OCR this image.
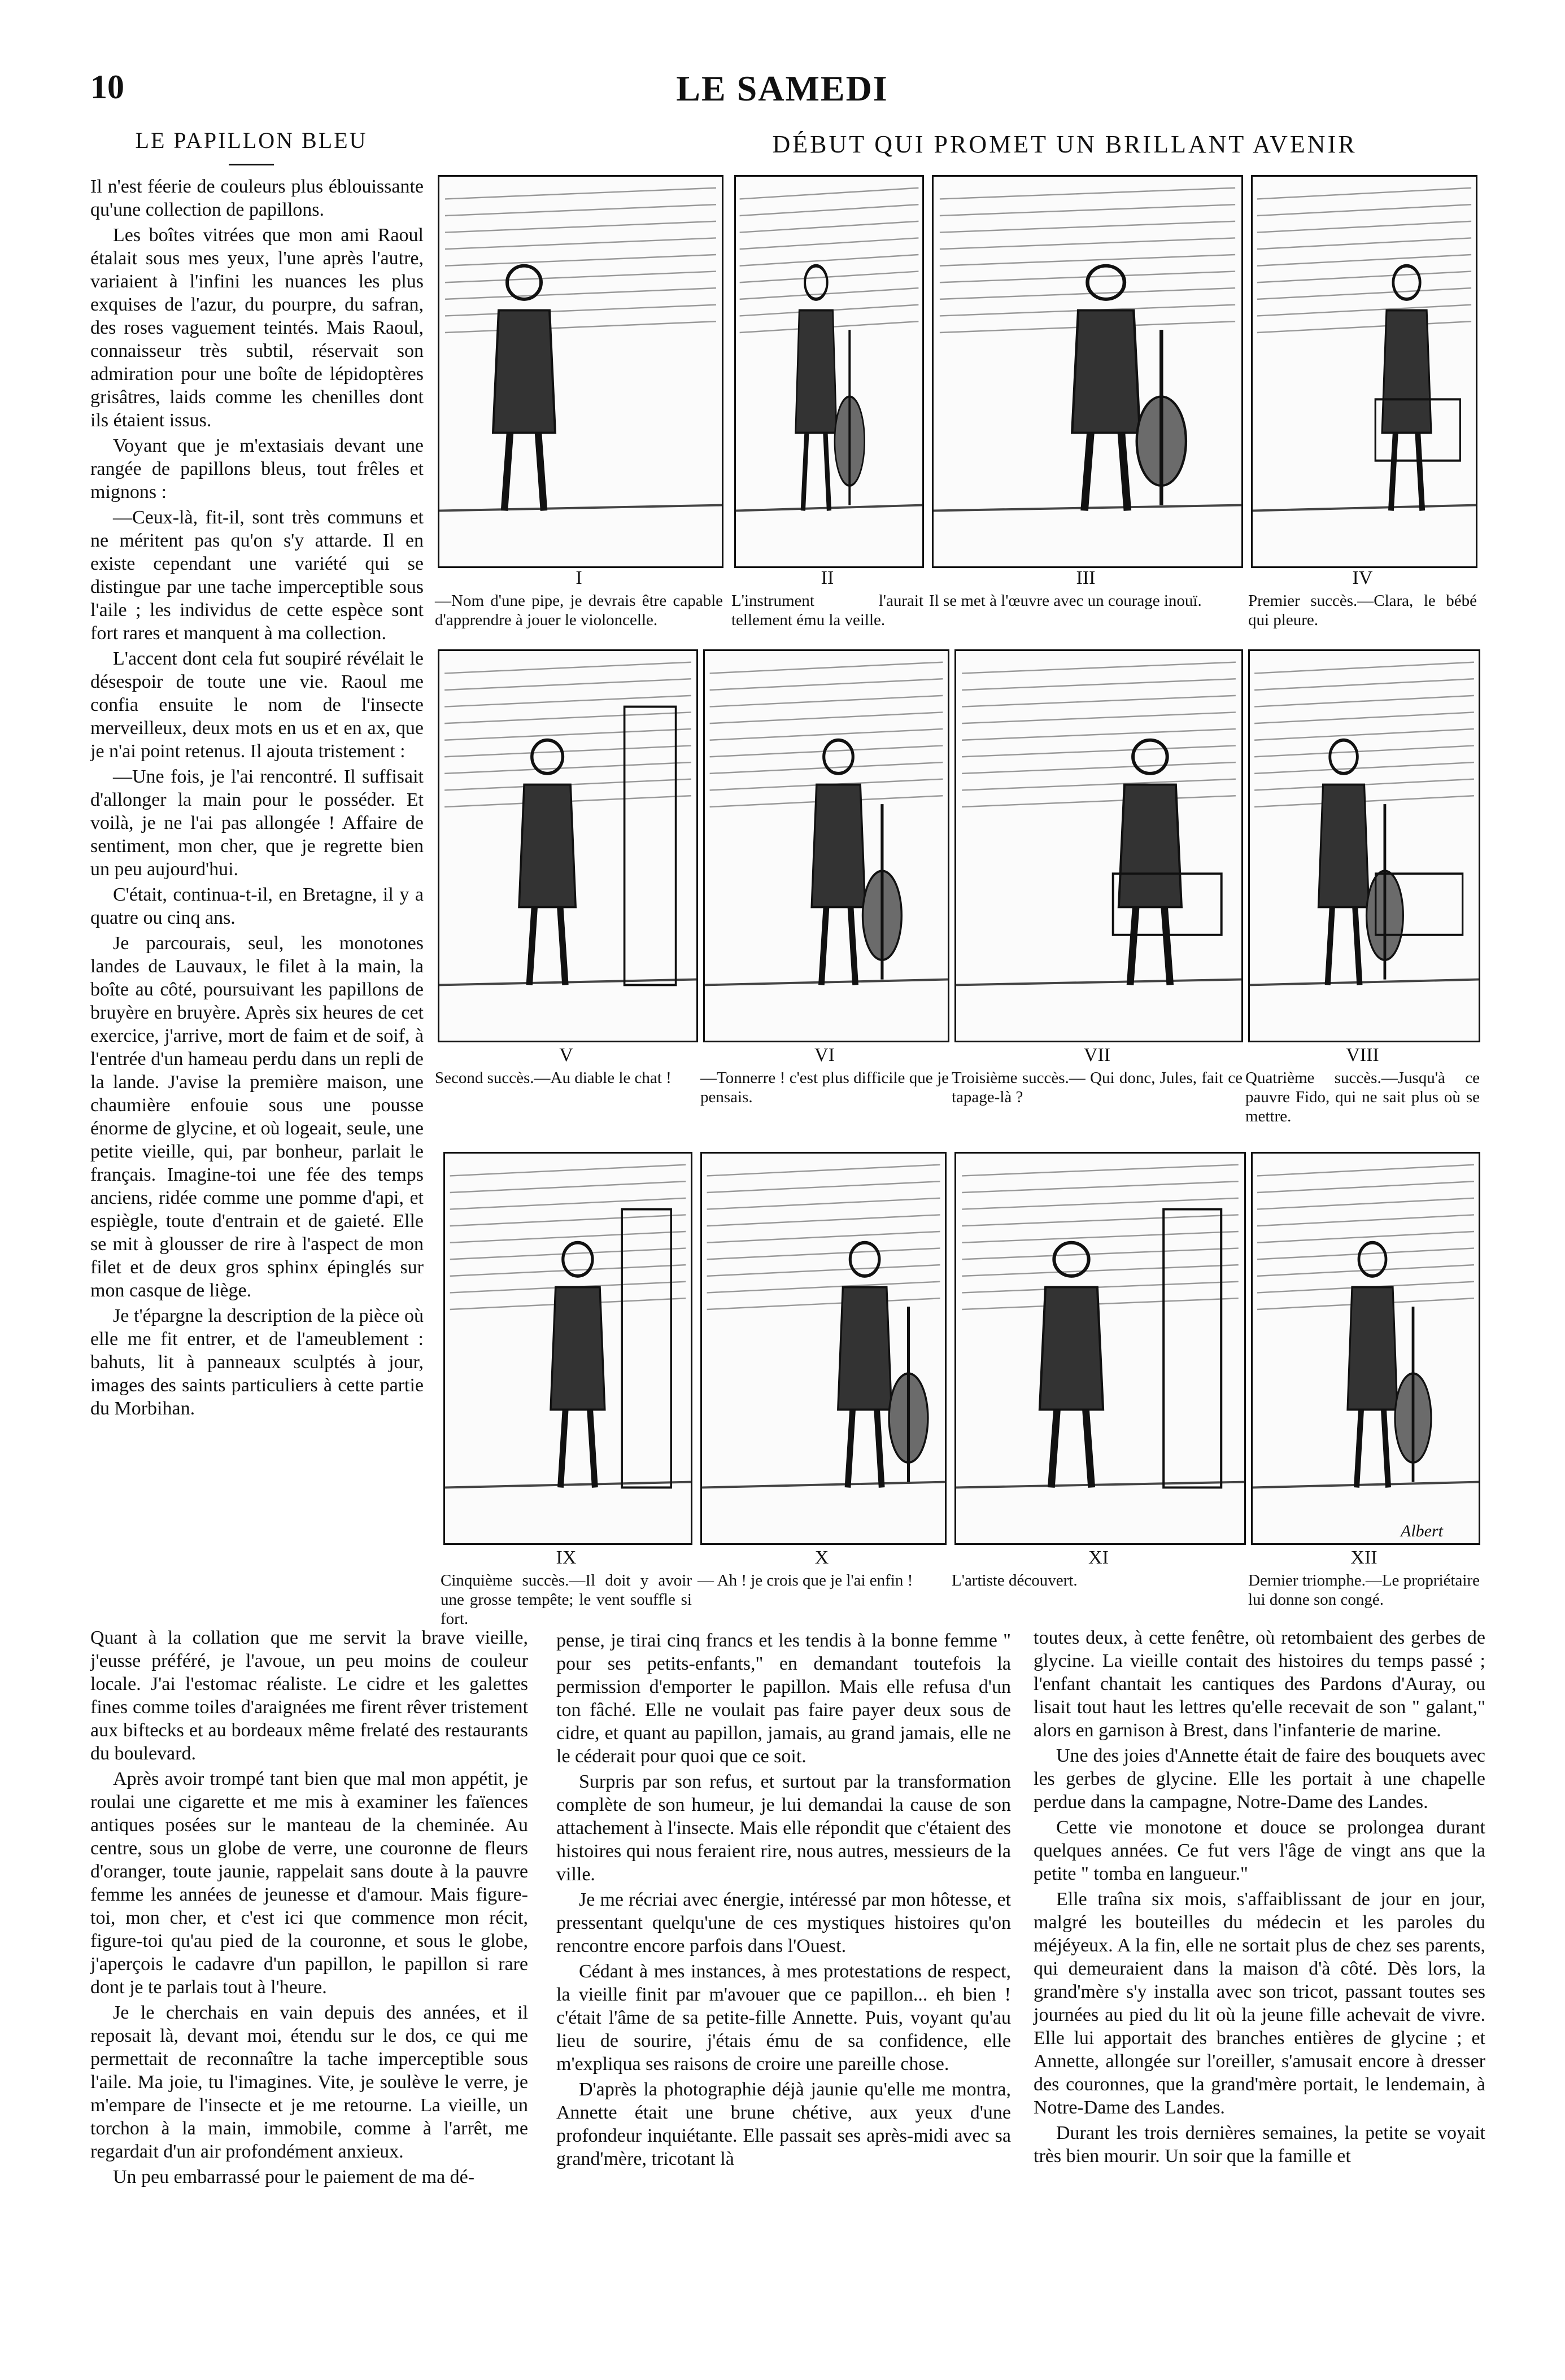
10	LE SAMEDI
LE PAPILLON BLEU	DÉBUT QUI PROMET UN BRILLANT AVENIR

Il n'est féerie de couleurs plus éblouissante qu'une collection de papillons.

Les boîtes vitrées que mon ami Raoul étalait sous mes yeux, l'une après l'autre, variaient à l'infini les nuances les plus exquises de l'azur, du pourpre, du safran, des roses vaguement teintés. Mais Raoul, connaisseur très subtil, réservait son admiration pour une boîte de lépidoptères grisâtres, laids comme les chenilles dont ils étaient issus.

Voyant que je m'extasiais devant une rangée de papillons bleus, tout frêles et mignons :

—Ceux-là, fit-il, sont très communs et ne méritent pas qu'on s'y attarde. Il en existe cependant une variété qui se distingue par une tache imperceptible sous l'aile ; les individus de cette espèce sont fort rares et manquent à ma collection.

L'accent dont cela fut soupiré révélait le désespoir de toute une vie. Raoul me confia ensuite le nom de l'insecte merveilleux, deux mots en us et en ax, que je n'ai point retenus. Il ajouta tristement :

—Une fois, je l'ai rencontré. Il suffisait d'allonger la main pour le posséder. Et voilà, je ne l'ai pas allongée ! Affaire de sentiment, mon cher, que je regrette bien un peu aujourd'hui.

C'était, continua-t-il, en Bretagne, il y a quatre ou cinq ans.

Je parcourais, seul, les monotones landes de Lauvaux, le filet à la main, la boîte au côté, poursuivant les papillons de bruyère en bruyère. Après six heures de cet exercice, j'arrive, mort de faim et de soif, à l'entrée d'un hameau perdu dans un repli de la lande. J'avise la première maison, une chaumière enfouie sous une pousse énorme de glycine, et où logeait, seule, une petite vieille, qui, par bonheur, parlait le français. Imagine-toi une fée des temps anciens, ridée comme une pomme d'api, et espiègle, toute d'entrain et de gaieté. Elle se mit à glousser de rire à l'aspect de mon filet et de deux gros sphinx épinglés sur mon casque de liège.

Je t'épargne la description de la pièce où elle me fit entrer, et de l'ameublement : bahuts, lit à panneaux sculptés à jour, images des saints particuliers à cette partie du Morbihan.

I
—Nom d'une pipe, je devrais être capable d'apprendre à jouer le violoncelle.
II
L'instrument l'aurait tellement ému la veille.
III
Il se met à l'œuvre avec un courage inouï.
IV
Premier succès.—Clara, le bébé qui pleure.
V
Second succès.—Au diable le chat !
VI
—Tonnerre ! c'est plus difficile que je pensais.
VII
Troisième succès.— Qui donc, Jules, fait ce tapage-là ?
VIII
Quatrième succès.—Jusqu'à ce pauvre Fido, qui ne sait plus où se mettre.
IX
Cinquième succès.—Il doit y avoir une grosse tempête; le vent souffle si fort.
X
— Ah ! je crois que je l'ai enfin !
XI
L'artiste découvert.
XII
Dernier triomphe.—Le propriétaire lui donne son congé.
Albert

Quant à la collation que me servit la brave vieille, j'eusse préféré, je l'avoue, un peu moins de couleur locale. J'ai l'estomac réaliste. Le cidre et les galettes fines comme toiles d'araignées me firent rêver tristement aux biftecks et au bordeaux même frelaté des restaurants du boulevard.

Après avoir trompé tant bien que mal mon appétit, je roulai une cigarette et me mis à examiner les faïences antiques posées sur le manteau de la cheminée. Au centre, sous un globe de verre, une couronne de fleurs d'oranger, toute jaunie, rappelait sans doute à la pauvre femme les années de jeunesse et d'amour. Mais figure-toi, mon cher, et c'est ici que commence mon récit, figure-toi qu'au pied de la couronne, et sous le globe, j'aperçois le cadavre d'un papillon, le papillon si rare dont je te parlais tout à l'heure.

Je le cherchais en vain depuis des années, et il reposait là, devant moi, étendu sur le dos, ce qui me permettait de reconnaître la tache imperceptible sous l'aile. Ma joie, tu l'imagines. Vite, je soulève le verre, je m'empare de l'insecte et je me retourne. La vieille, un torchon à la main, immobile, comme à l'arrêt, me regardait d'un air profondément anxieux.

Un peu embarrassé pour le paiement de ma dé-

pense, je tirai cinq francs et les tendis à la bonne femme " pour ses petits-enfants," en demandant toutefois la permission d'emporter le papillon. Mais elle refusa d'un ton fâché. Elle ne voulait pas faire payer deux sous de cidre, et quant au papillon, jamais, au grand jamais, elle ne le céderait pour quoi que ce soit.

Surpris par son refus, et surtout par la transformation complète de son humeur, je lui demandai la cause de son attachement à l'insecte. Mais elle répondit que c'étaient des histoires qui nous feraient rire, nous autres, messieurs de la ville.

Je me récriai avec énergie, intéressé par mon hôtesse, et pressentant quelqu'une de ces mystiques histoires qu'on rencontre encore parfois dans l'Ouest.

Cédant à mes instances, à mes protestations de respect, la vieille finit par m'avouer que ce papillon... eh bien ! c'était l'âme de sa petite-fille Annette. Puis, voyant qu'au lieu de sourire, j'étais ému de sa confidence, elle m'expliqua ses raisons de croire une pareille chose.

D'après la photographie déjà jaunie qu'elle me montra, Annette était une brune chétive, aux yeux d'une profondeur inquiétante. Elle passait ses après-midi avec sa grand'mère, tricotant là

toutes deux, à cette fenêtre, où retombaient des gerbes de glycine. La vieille contait des histoires du temps passé ; l'enfant chantait les cantiques des Pardons d'Auray, ou lisait tout haut les lettres qu'elle recevait de son " galant," alors en garnison à Brest, dans l'infanterie de marine.

Une des joies d'Annette était de faire des bouquets avec les gerbes de glycine. Elle les portait à une chapelle perdue dans la campagne, Notre-Dame des Landes.

Cette vie monotone et douce se prolongea durant quelques années. Ce fut vers l'âge de vingt ans que la petite " tomba en langueur."

Elle traîna six mois, s'affaiblissant de jour en jour, malgré les bouteilles du médecin et les paroles du méjéyeux. A la fin, elle ne sortait plus de chez ses parents, qui demeuraient dans la maison d'à côté. Dès lors, la grand'mère s'y installa avec son tricot, passant toutes ses journées au pied du lit où la jeune fille achevait de vivre. Elle lui apportait des branches entières de glycine ; et Annette, allongée sur l'oreiller, s'amusait encore à dresser des couronnes, que la grand'mère portait, le lendemain, à Notre-Dame des Landes.

Durant les trois dernières semaines, la petite se voyait très bien mourir. Un soir que la famille et
